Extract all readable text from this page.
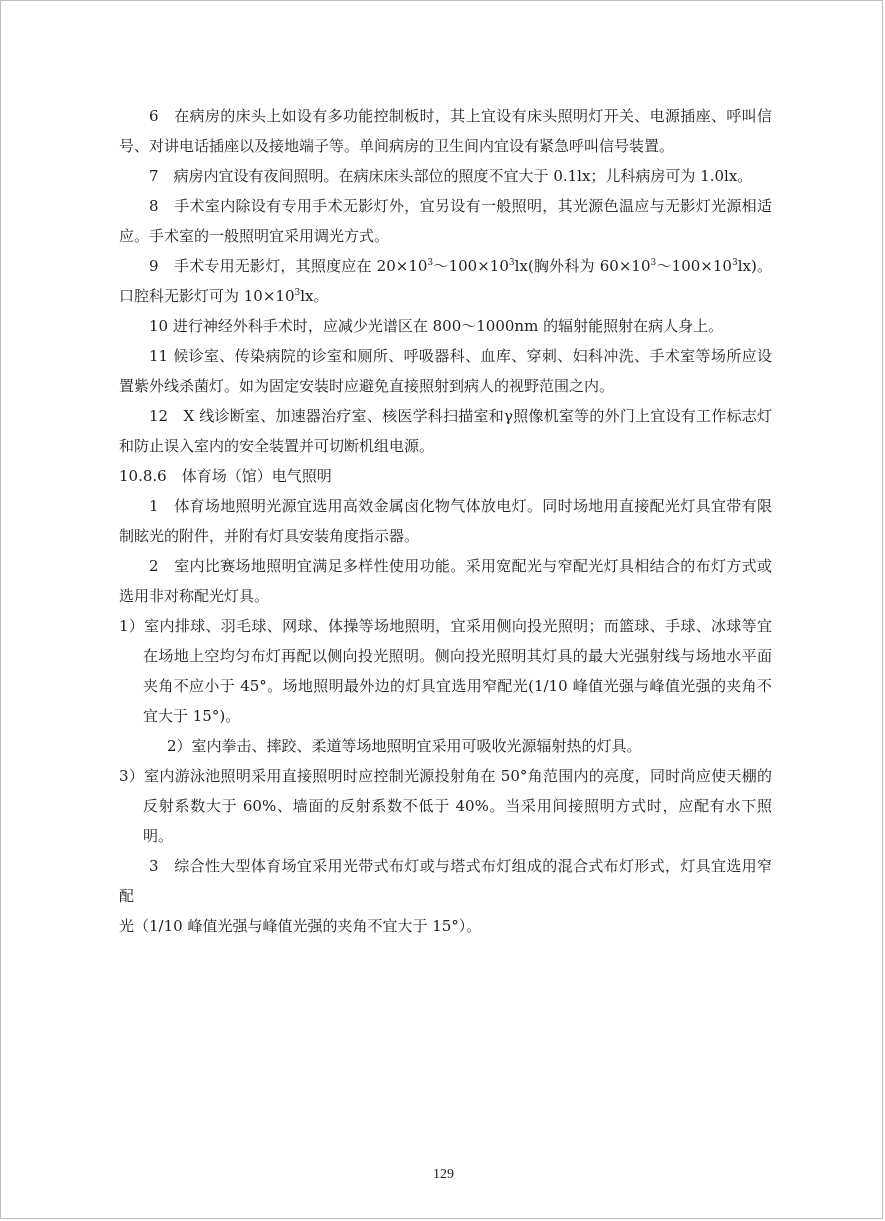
6　在病房的床头上如设有多功能控制板时，其上宜设有床头照明灯开关、电源插座、呼叫信号、对讲电话插座以及接地端子等。单间病房的卫生间内宜设有紧急呼叫信号装置。

7　病房内宜设有夜间照明。在病床床头部位的照度不宜大于 0.1lx；儿科病房可为 1.0lx。

8　手术室内除设有专用手术无影灯外，宜另设有一般照明，其光源色温应与无影灯光源相适应。手术室的一般照明宜采用调光方式。

9　手术专用无影灯，其照度应在 $20\times 10^3\sim 100\times 10^3lx$(胸外科为 $60\times 10^3\sim 100\times 10^3lx$)。口腔科无影灯可为 $10\times 10^3lx$。

10 进行神经外科手术时，应减少光谱区在 800～1000nm 的辐射能照射在病人身上。

11 候诊室、传染病院的诊室和厕所、呼吸器科、血库、穿刺、妇科冲洗、手术室等场所应设置紫外线杀菌灯。如为固定安装时应避免直接照射到病人的视野范围之内。

12　X 线诊断室、加速器治疗室、核医学科扫描室和γ照像机室等的外门上宜设有工作标志灯和防止误入室内的安全装置并可切断机组电源。

10.8.6　体育场（馆）电气照明

1　体育场地照明光源宜选用高效金属卤化物气体放电灯。同时场地用直接配光灯具宜带有限制眩光的附件，并附有灯具安装角度指示器。

2　室内比赛场地照明宜满足多样性使用功能。采用宽配光与窄配光灯具相结合的布灯方式或选用非对称配光灯具。

1）室内排球、羽毛球、网球、体操等场地照明，宜采用侧向投光照明；而篮球、手球、冰球等宜在场地上空均匀布灯再配以侧向投光照明。侧向投光照明其灯具的最大光强射线与场地水平面夹角不应小于 45°。场地照明最外边的灯具宜选用窄配光(1/10 峰值光强与峰值光强的夹角不宜大于 15°)。

2）室内拳击、摔跤、柔道等场地照明宜采用可吸收光源辐射热的灯具。

3）室内游泳池照明采用直接照明时应控制光源投射角在 50°角范围内的亮度，同时尚应使天棚的反射系数大于 60%、墙面的反射系数不低于 40%。当采用间接照明方式时，应配有水下照明。

3　综合性大型体育场宜采用光带式布灯或与塔式布灯组成的混合式布灯形式，灯具宜选用窄配

光（1/10 峰值光强与峰值光强的夹角不宜大于 15°）。

129
